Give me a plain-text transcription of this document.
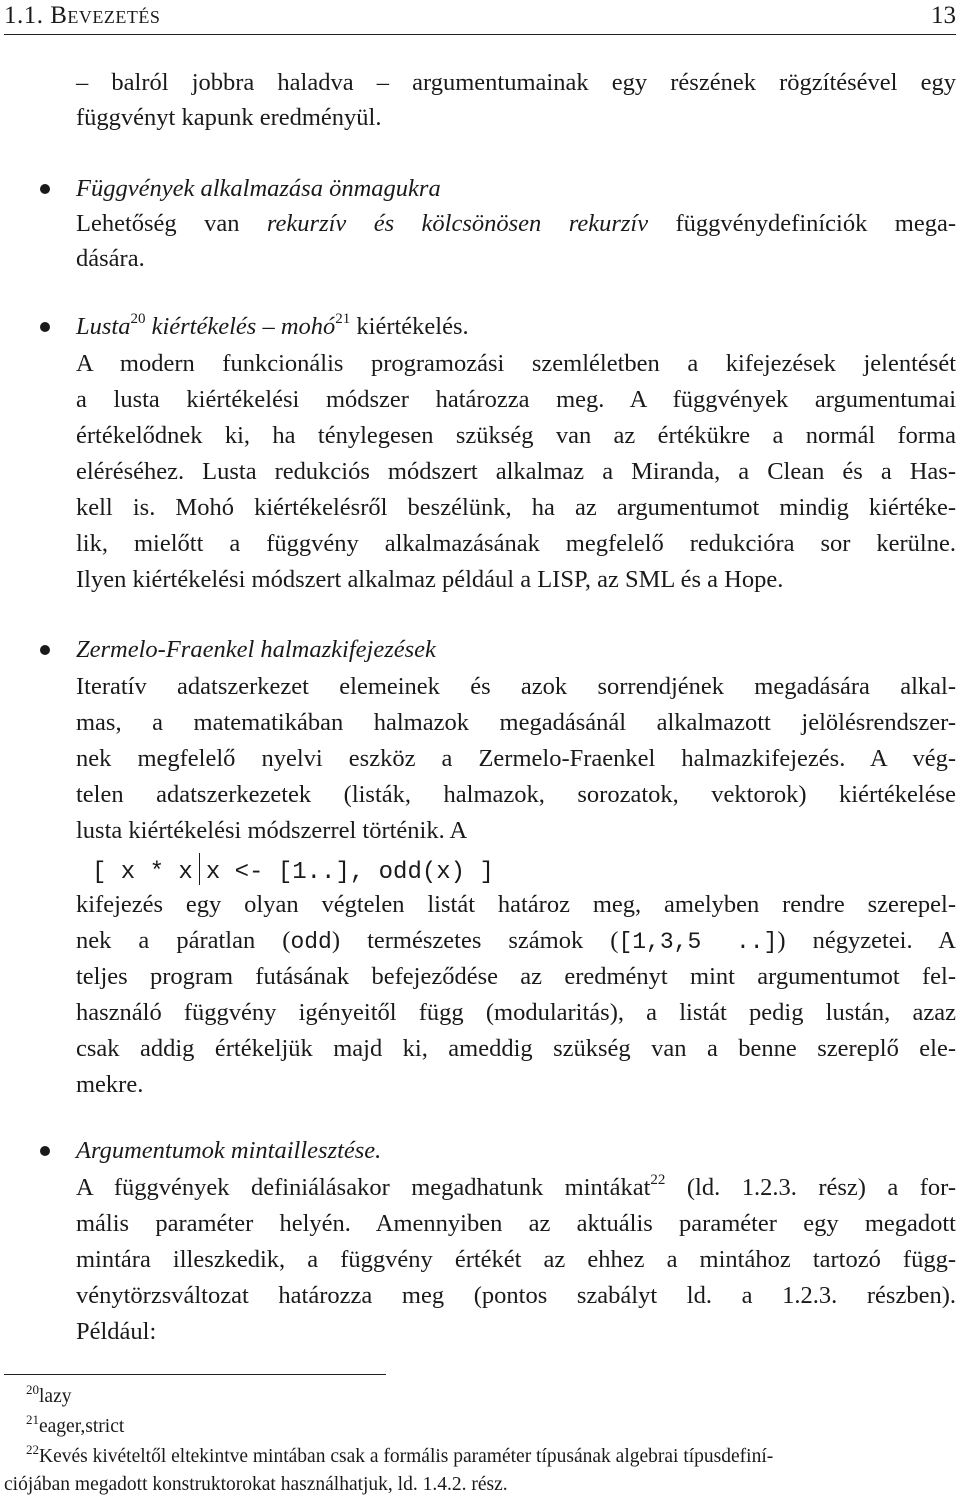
1.1. Bevezetés	13
– balról jobbra haladva – argumentumainak egy részének rögzítésével egy
függvényt kapunk eredményül.
Függvények alkalmazása önmagukra
Lehetőség van rekurzív és kölcsönösen rekurzív függvénydefiníciók mega-
dására.
Lusta$^{20}$ kiértékelés – mohó$^{21}$ kiértékelés.
A modern funkcionális programozási szemléletben a kifejezések jelentését
a lusta kiértékelési módszer határozza meg. A függvények argumentumai
értékelődnek ki, ha ténylegesen szükség van az értékükre a normál forma
eléréséhez. Lusta redukciós módszert alkalmaz a Miranda, a Clean és a Has-
kell is. Mohó kiértékelésről beszélünk, ha az argumentumot mindig kiértéke-
lik, mielőtt a függvény alkalmazásának megfelelő redukcióra sor kerülne.
Ilyen kiértékelési módszert alkalmaz például a LISP, az SML és a Hope.
Zermelo-Fraenkel halmazkifejezések
Iteratív adatszerkezet elemeinek és azok sorrendjének megadására alkal-
mas, a matematikában halmazok megadásánál alkalmazott jelölésrendszer-
nek megfelelő nyelvi eszköz a Zermelo-Fraenkel halmazkifejezés. A vég-
telen adatszerkezetek (listák, halmazok, sorozatok, vektorok) kiértékelése
lusta kiértékelési módszerrel történik. A
[ x * x x <- [1..], odd(x) ]
kifejezés egy olyan végtelen listát határoz meg, amelyben rendre szerepel-
nek a páratlan (odd) természetes számok ([1,3,5 ..]) négyzetei. A
teljes program futásának befejeződése az eredményt mint argumentumot fel-
használó függvény igényeitől függ (modularitás), a listát pedig lustán, azaz
csak addig értékeljük majd ki, ameddig szükség van a benne szereplő ele-
mekre.
Argumentumok mintaillesztése.
A függvények definiálásakor megadhatunk mintákat$^{22}$ (ld. 1.2.3. rész) a for-
mális paraméter helyén. Amennyiben az aktuális paraméter egy megadott
mintára illeszkedik, a függvény értékét az ehhez a mintához tartozó függ-
vénytörzsváltozat határozza meg (pontos szabályt ld. a 1.2.3. részben).
Például:
$^{20}$lazy
$^{21}$eager,strict
$^{22}$Kevés kivételtől eltekintve mintában csak a formális paraméter típusának algebrai típusdefiní-
ciójában megadott konstruktorokat használhatjuk, ld. 1.4.2. rész.
